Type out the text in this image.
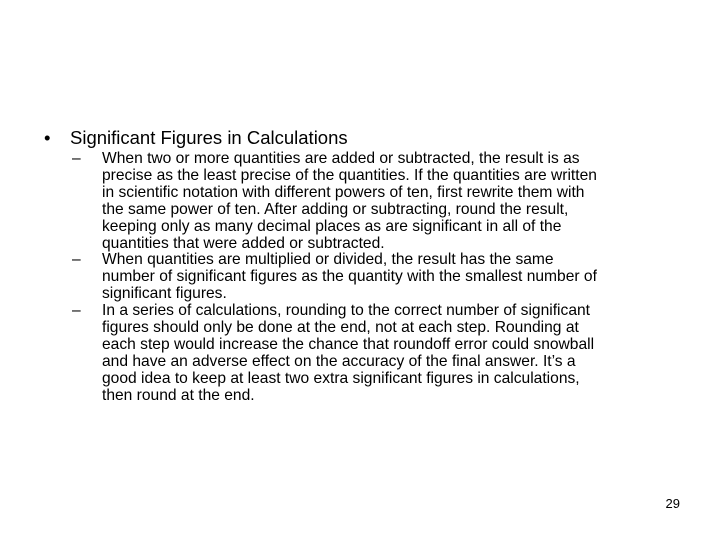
• Significant Figures in Calculations
– When two or more quantities are added or subtracted, the result is as
precise as the least precise of the quantities. If the quantities are written
in scientific notation with different powers of ten, first rewrite them with
the same power of ten. After adding or subtracting, round the result,
keeping only as many decimal places as are significant in all of the
quantities that were added or subtracted.
– When quantities are multiplied or divided, the result has the same
number of significant figures as the quantity with the smallest number of
significant figures.
– In a series of calculations, rounding to the correct number of significant
figures should only be done at the end, not at each step. Rounding at
each step would increase the chance that roundoff error could snowball
and have an adverse effect on the accuracy of the final answer. It’s a
good idea to keep at least two extra significant figures in calculations,
then round at the end.
29
